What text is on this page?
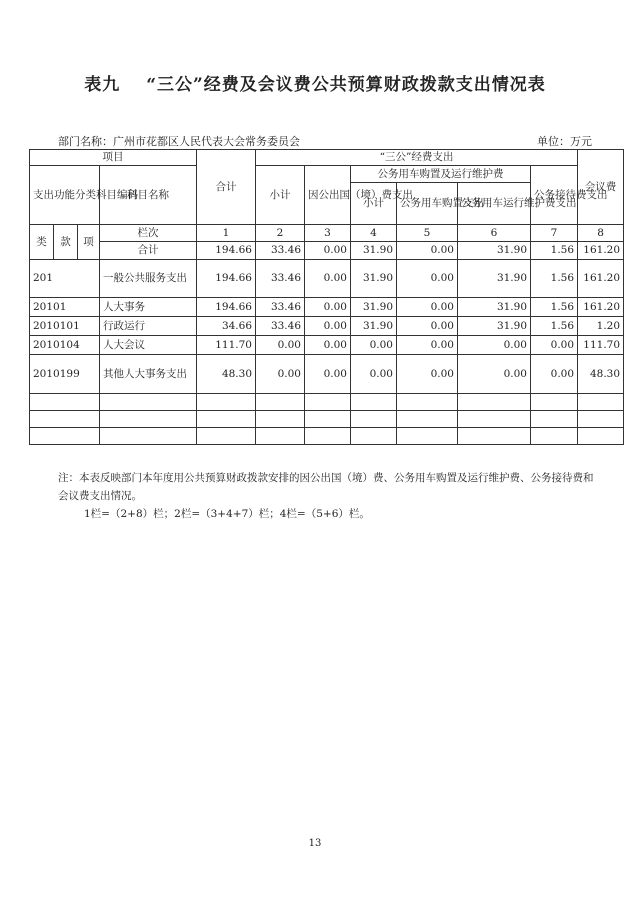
表九 “三公”经费及会议费公共预算财政拨款支出情况表
部门名称：广州市花都区人民代表大会常务委员会	单位：万元
项目				合计	“三公”经费支出						会议费
支出功能分类科目编码			科目名称		小计	因公出国（境）费支出	公务用车购置及运行维护费			公务接待费支出	
							小计	公务用车购置支出	公务用车运行维护费支出		
类	款	项	栏次	1	2	3	4	5	6	7	8
			合计	194.66	33.46	0.00	31.90	0.00	31.90	1.56	161.20
201			一般公共服务支出	194.66	33.46	0.00	31.90	0.00	31.90	1.56	161.20
20101			人大事务	194.66	33.46	0.00	31.90	0.00	31.90	1.56	161.20
2010101			行政运行	34.66	33.46	0.00	31.90	0.00	31.90	1.56	1.20
2010104			人大会议	111.70	0.00	0.00	0.00	0.00	0.00	0.00	111.70
2010199			其他人大事务支出	48.30	0.00	0.00	0.00	0.00	0.00	0.00	48.30

注：本表反映部门本年度用公共预算财政拨款安排的因公出国（境）费、公务用车购置及运行维护费、公务接待费和会议费支出情况。
1栏=（2+8）栏；2栏=（3+4+7）栏；4栏=（5+6）栏。
13
